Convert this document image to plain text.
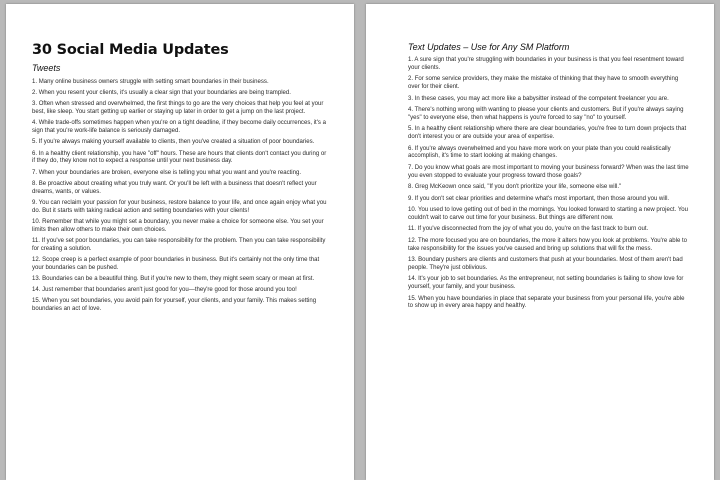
30 Social Media Updates
Tweets

1. Many online business owners struggle with setting smart boundaries in their business.

2. When you resent your clients, it's usually a clear sign that your boundaries are being trampled.

3. Often when stressed and overwhelmed, the first things to go are the very choices that help you feel at your best, like sleep. You start getting up earlier or staying up later in order to get a jump on the last project.

4. While trade-offs sometimes happen when you're on a tight deadline, if they become daily occurrences, it's a sign that you're work-life balance is seriously damaged.

5. If you're always making yourself available to clients, then you've created a situation of poor boundaries.

6. In a healthy client relationship, you have "off" hours. These are hours that clients don't contact you during or if they do, they know not to expect a response until your next business day.

7. When your boundaries are broken, everyone else is telling you what you want and you're reacting.

8. Be proactive about creating what you truly want. Or you'll be left with a business that doesn't reflect your dreams, wants, or values.

9. You can reclaim your passion for your business, restore balance to your life, and once again enjoy what you do. But it starts with taking radical action and setting boundaries with your clients!

10. Remember that while you might set a boundary, you never make a choice for someone else. You set your limits then allow others to make their own choices.

11. If you've set poor boundaries, you can take responsibility for the problem. Then you can take responsibility for creating a solution.

12. Scope creep is a perfect example of poor boundaries in business. But it's certainly not the only time that your boundaries can be pushed.

13. Boundaries can be a beautiful thing. But if you're new to them, they might seem scary or mean at first.

14. Just remember that boundaries aren't just good for you—they're good for those around you too!

15. When you set boundaries, you avoid pain for yourself, your clients, and your family. This makes setting boundaries an act of love.

Text Updates – Use for Any SM Platform

1. A sure sign that you're struggling with boundaries in your business is that you feel resentment toward your clients.

2. For some service providers, they make the mistake of thinking that they have to smooth everything over for their client.

3. In these cases, you may act more like a babysitter instead of the competent freelancer you are.

4. There's nothing wrong with wanting to please your clients and customers. But if you're always saying "yes" to everyone else, then what happens is you're forced to say "no" to yourself.

5. In a healthy client relationship where there are clear boundaries, you're free to turn down projects that don't interest you or are outside your area of expertise.

6. If you're always overwhelmed and you have more work on your plate than you could realistically accomplish, it's time to start looking at making changes.

7. Do you know what goals are most important to moving your business forward? When was the last time you even stopped to evaluate your progress toward those goals?

8. Greg McKeown once said, "If you don't prioritize your life, someone else will."

9. If you don't set clear priorities and determine what's most important, then those around you will.

10. You used to love getting out of bed in the mornings. You looked forward to starting a new project. You couldn't wait to carve out time for your business. But things are different now.

11. If you've disconnected from the joy of what you do, you're on the fast track to burn out.

12. The more focused you are on boundaries, the more it alters how you look at problems. You're able to take responsibility for the issues you've caused and bring up solutions that will fix the mess.

13. Boundary pushers are clients and customers that push at your boundaries. Most of them aren't bad people. They're just oblivious.

14. It's your job to set boundaries. As the entrepreneur, not setting boundaries is failing to show love for yourself, your family, and your business.

15. When you have boundaries in place that separate your business from your personal life, you're able to show up in every area happy and healthy.
